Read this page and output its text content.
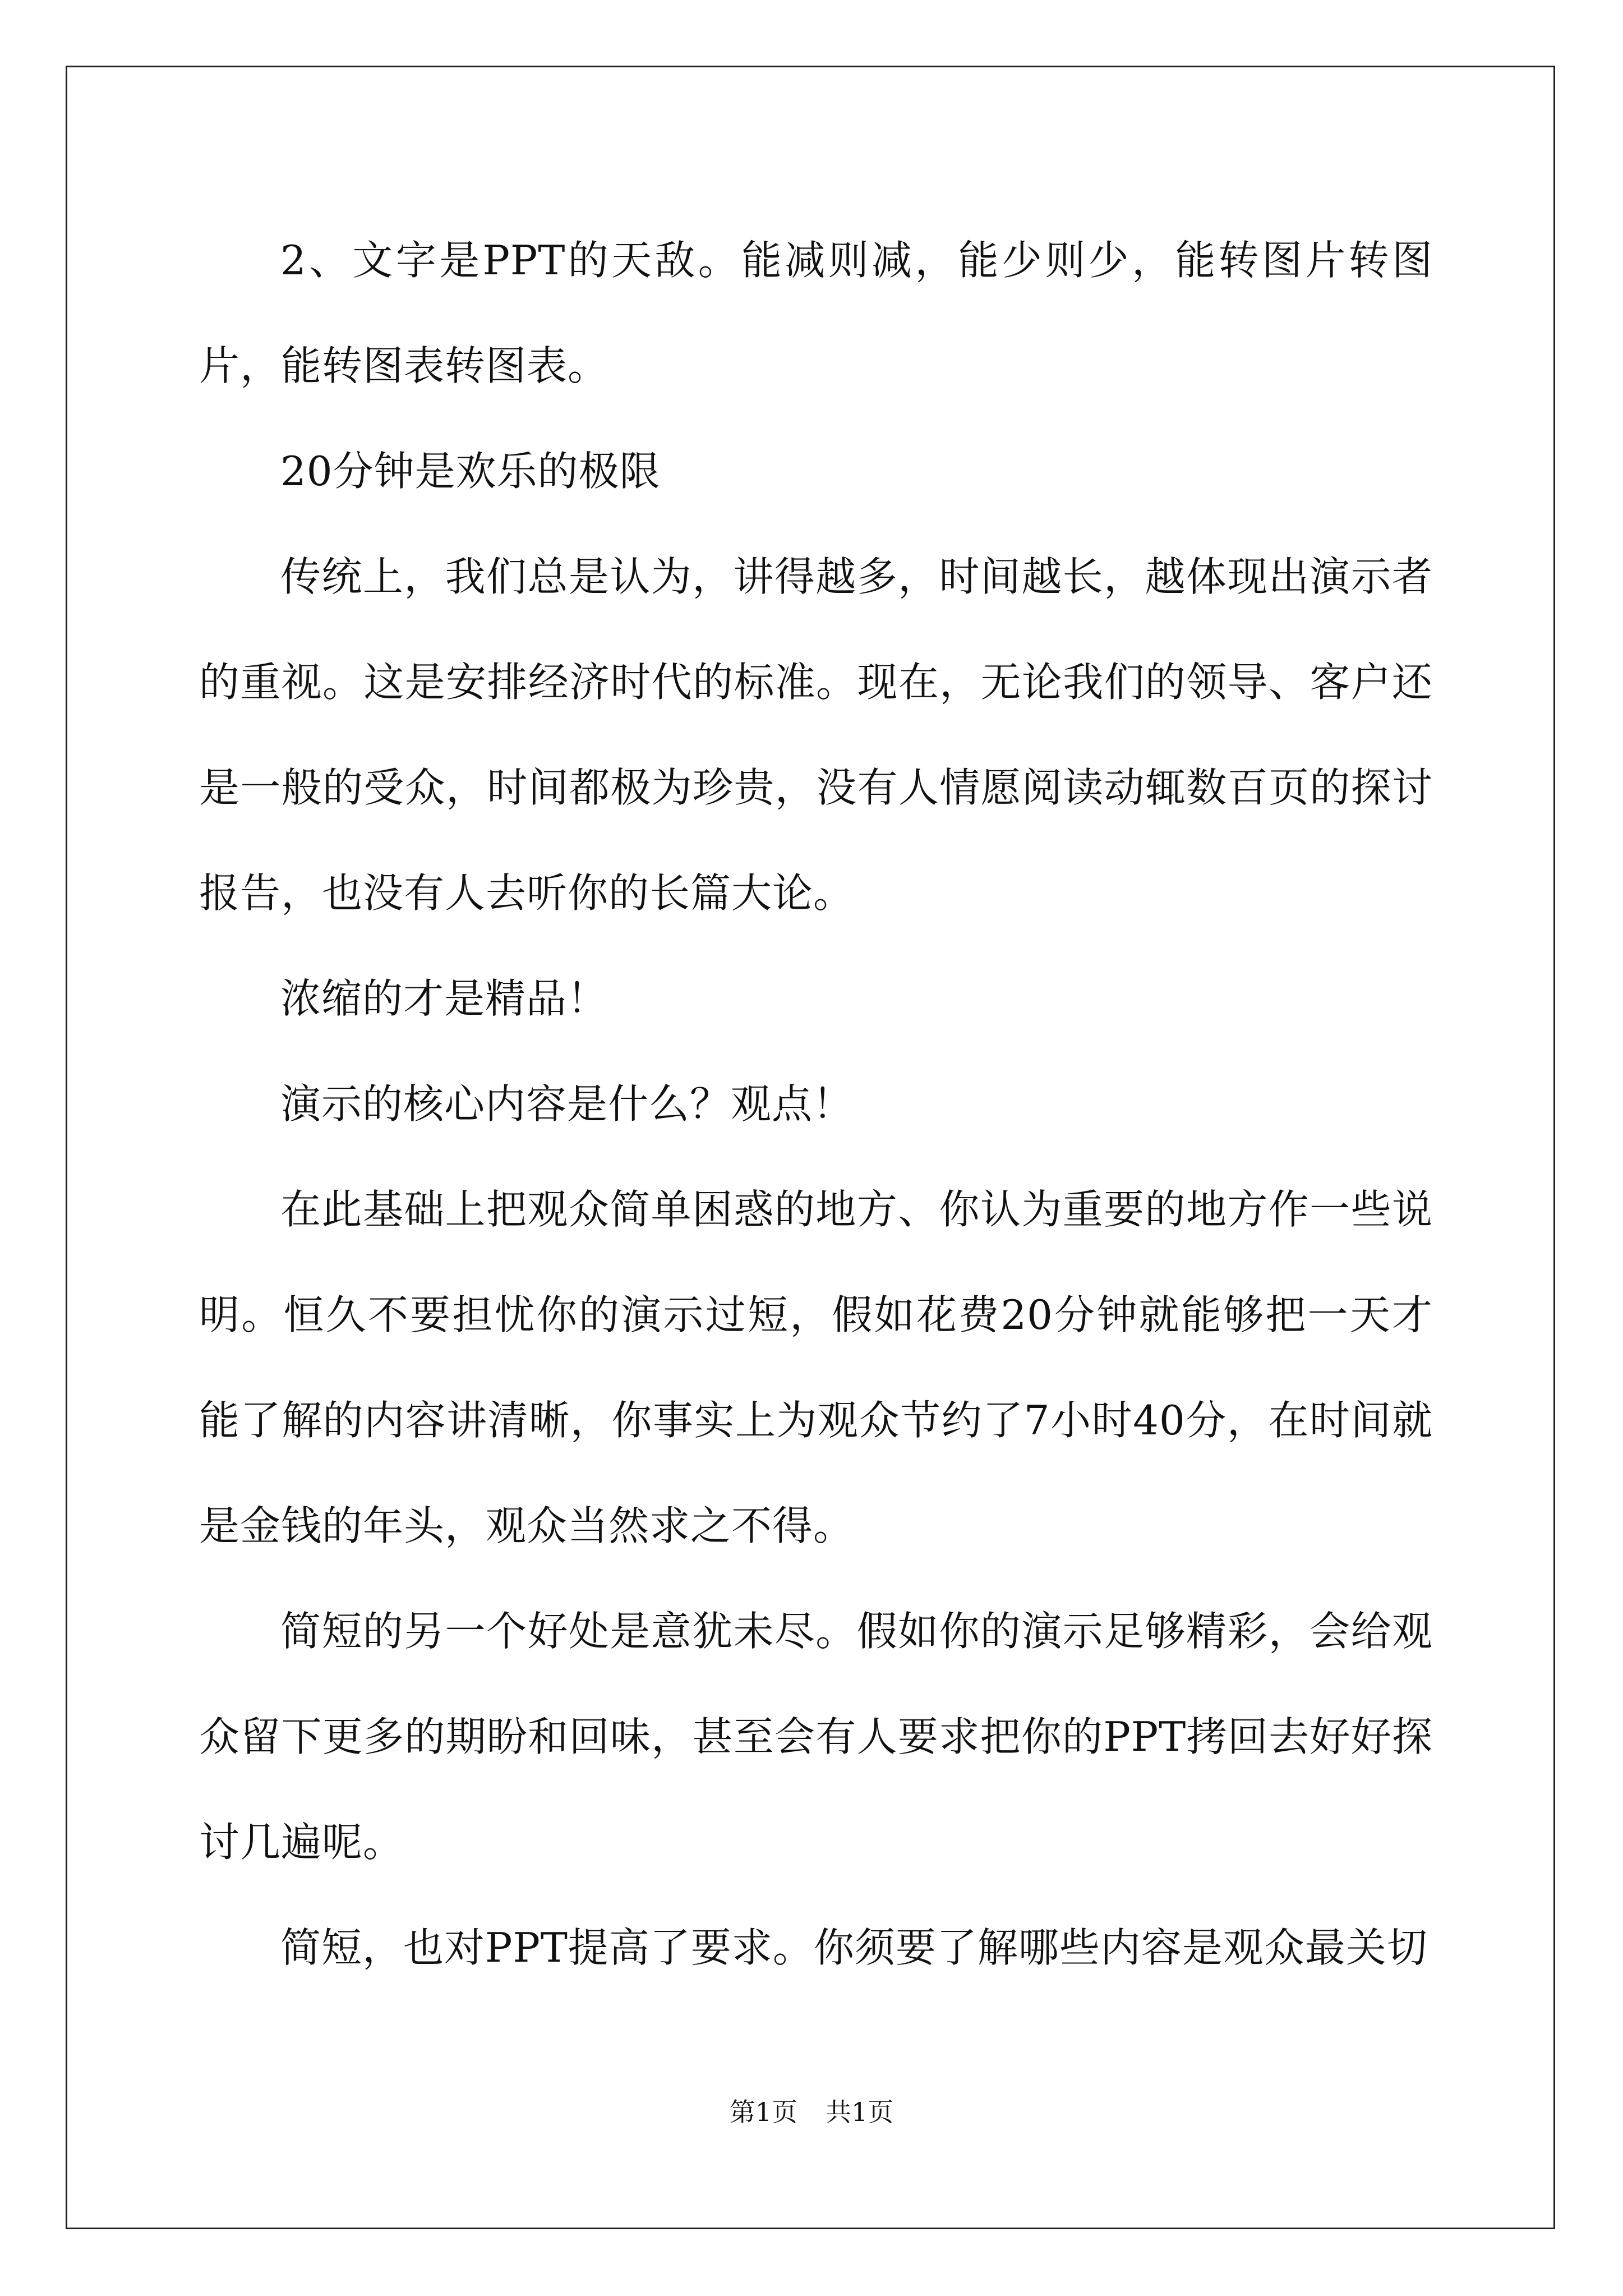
2、文字是PPT的天敌。能减则减，能少则少，能转图片转图片，能转图表转图表。

20分钟是欢乐的极限

传统上，我们总是认为，讲得越多，时间越长，越体现出演示者的重视。这是安排经济时代的标准。现在，无论我们的领导、客户还是一般的受众，时间都极为珍贵，没有人情愿阅读动辄数百页的探讨报告，也没有人去听你的长篇大论。

浓缩的才是精品！

演示的核心内容是什么？观点！

在此基础上把观众简单困惑的地方、你认为重要的地方作一些说明。恒久不要担忧你的演示过短，假如花费20分钟就能够把一天才能了解的内容讲清晰，你事实上为观众节约了7小时40分，在时间就是金钱的年头，观众当然求之不得。

简短的另一个好处是意犹未尽。假如你的演示足够精彩，会给观众留下更多的期盼和回味，甚至会有人要求把你的PPT拷回去好好探讨几遍呢。

简短，也对PPT提高了要求。你须要了解哪些内容是观众最关切

第1页 共1页
